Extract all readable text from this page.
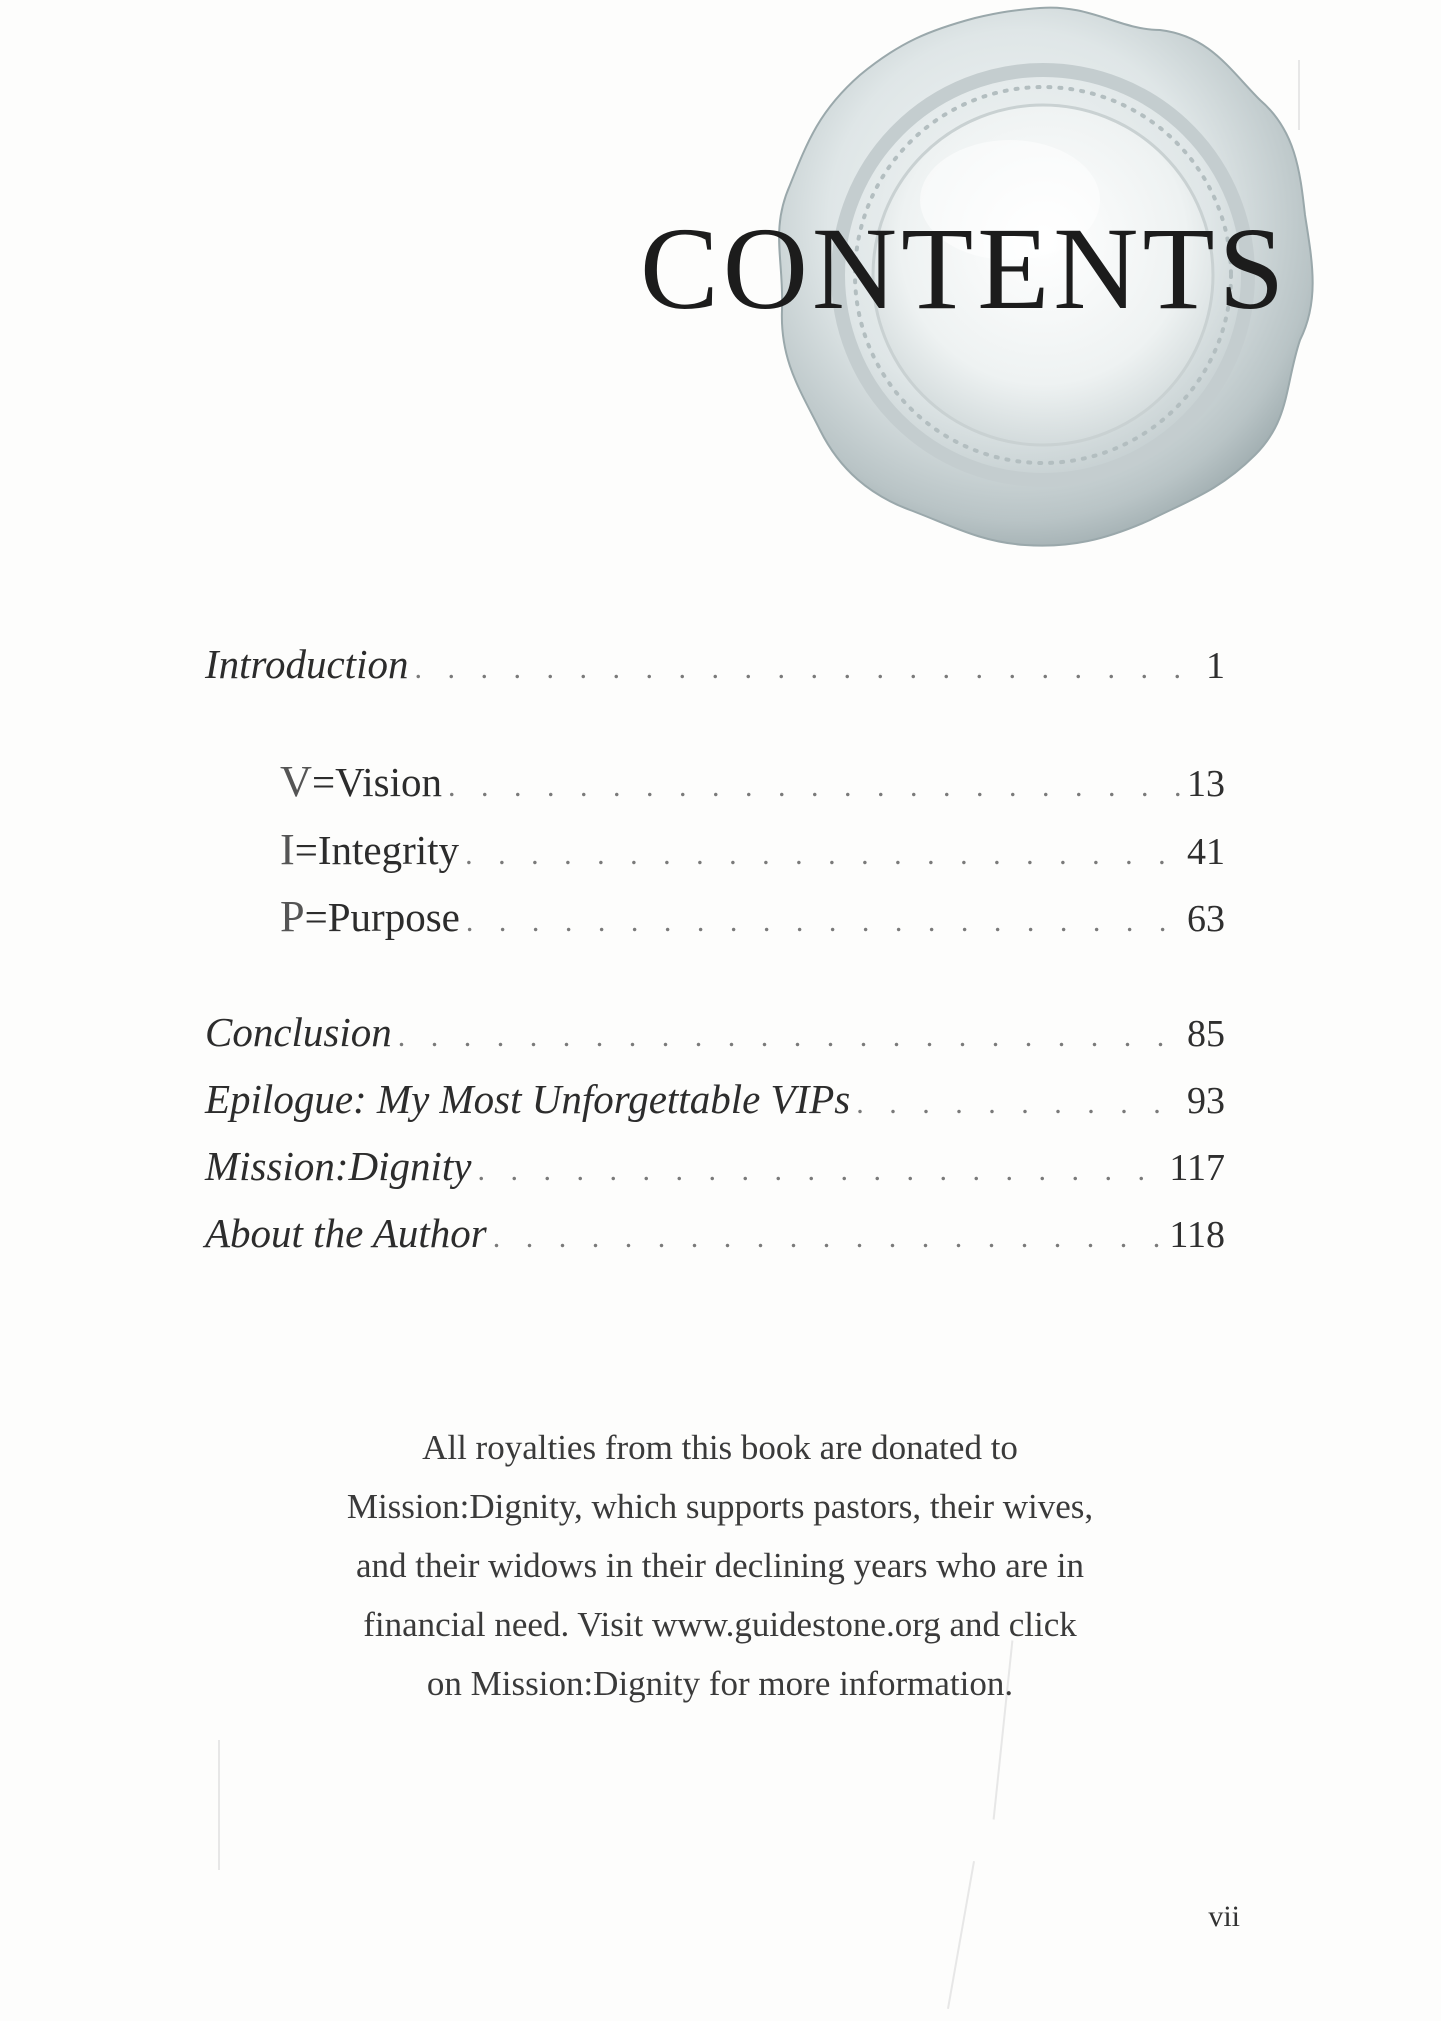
CONTENTS
Introduction . . .	1
V=Vision . . .	13
I=Integrity . . .	41
P=Purpose . . .	63
Conclusion . . .	85
Epilogue: My Most Unforgettable VIPs . . .	93
Mission:Dignity . . .	117
About the Author . . .	118

All royalties from this book are donated to
Mission:Dignity, which supports pastors, their wives,
and their widows in their declining years who are in
financial need. Visit www.guidestone.org and click
on Mission:Dignity for more information.

vii
